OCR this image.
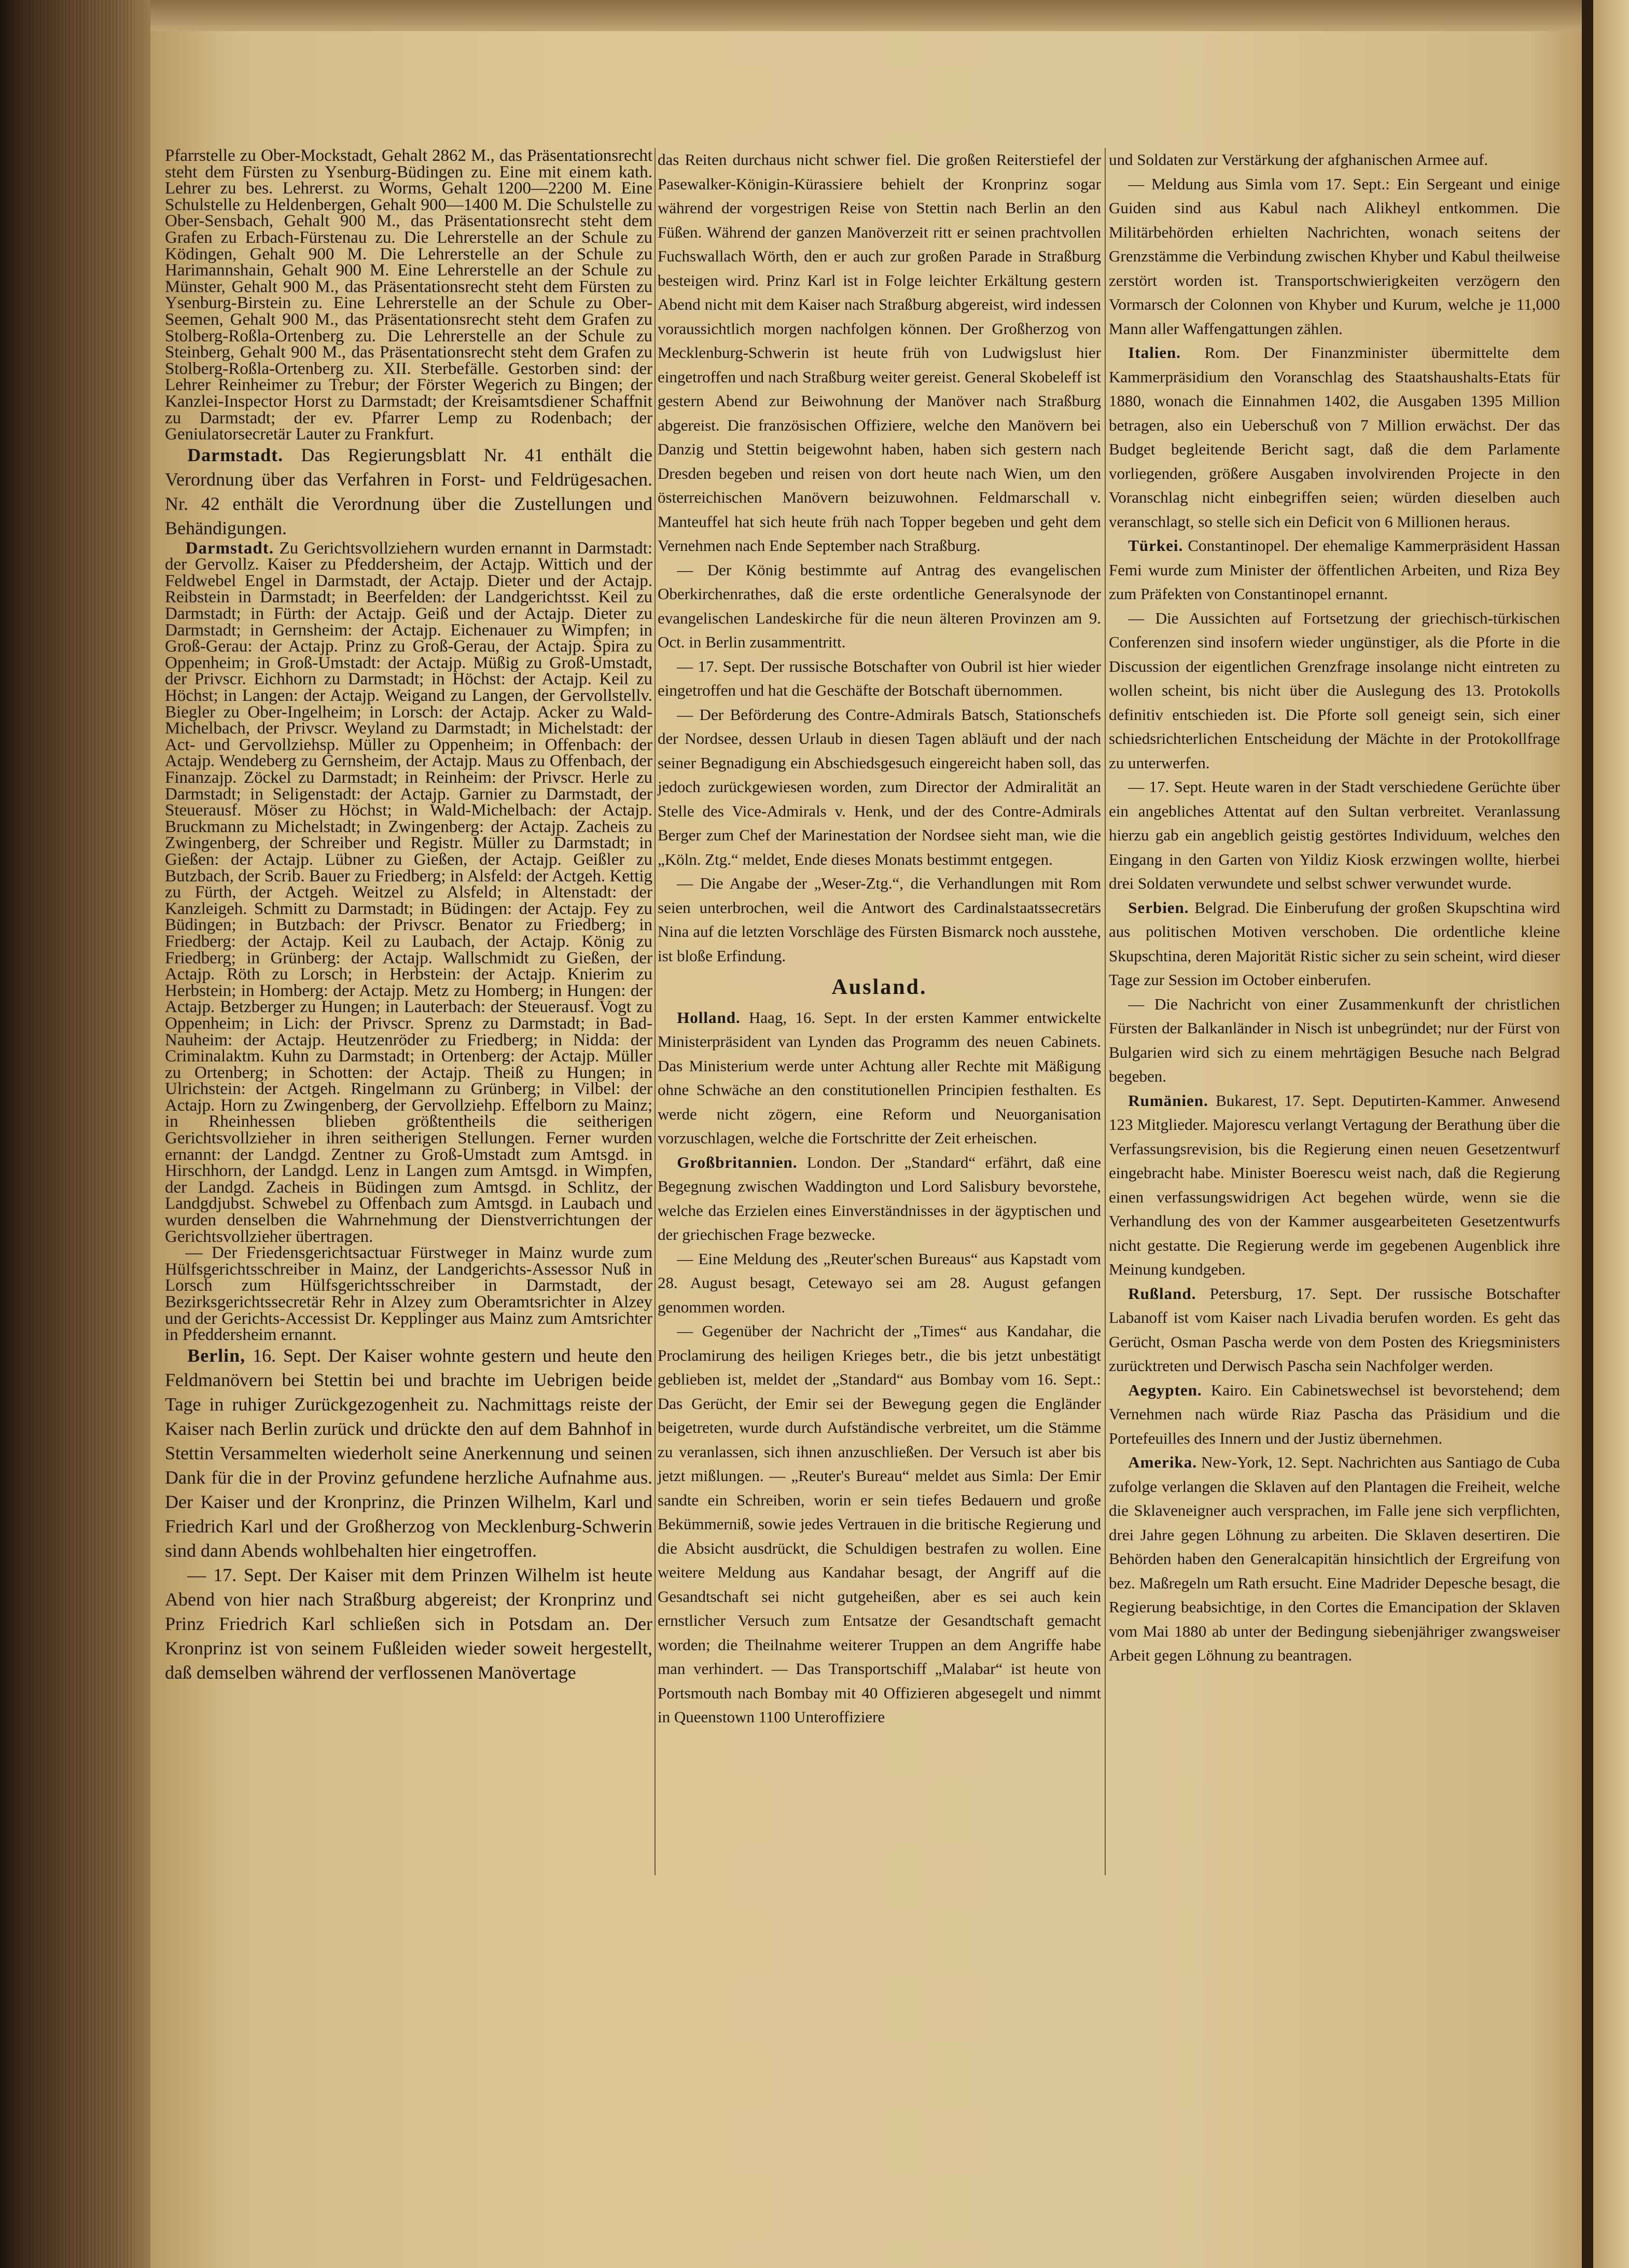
Pfarrstelle zu Ober-Mockstadt, Gehalt 2862 M., das Präsentationsrecht steht dem Fürsten zu Ysenburg-Büdingen zu. Eine mit einem kath. Lehrer zu bes. Lehrerst. zu Worms, Gehalt 1200—2200 M. Eine Schulstelle zu Heldenbergen, Gehalt 900—1400 M. Die Schulstelle zu Ober-Sensbach, Gehalt 900 M., das Präsentationsrecht steht dem Grafen zu Erbach-Fürstenau zu. Die Lehrerstelle an der Schule zu Ködingen, Gehalt 900 M. Die Lehrerstelle an der Schule zu Harimannshain, Gehalt 900 M. Eine Lehrerstelle an der Schule zu Münster, Gehalt 900 M., das Präsentationsrecht steht dem Fürsten zu Ysenburg-Birstein zu. Eine Lehrerstelle an der Schule zu Ober-Seemen, Gehalt 900 M., das Präsentationsrecht steht dem Grafen zu Stolberg-Roßla-Ortenberg zu. Die Lehrerstelle an der Schule zu Steinberg, Gehalt 900 M., das Präsentationsrecht steht dem Grafen zu Stolberg-Roßla-Ortenberg zu. XII. Sterbefälle. Gestorben sind: der Lehrer Reinheimer zu Trebur; der Förster Wegerich zu Bingen; der Kanzlei-Inspector Horst zu Darmstadt; der Kreisamtsdiener Schaffnit zu Darmstadt; der ev. Pfarrer Lemp zu Rodenbach; der Geniulatorsecretär Lauter zu Frankfurt.

Darmstadt. Das Regierungsblatt Nr. 41 enthält die Verordnung über das Verfahren in Forst- und Feldrügesachen. Nr. 42 enthält die Verordnung über die Zustellungen und Behändigungen.

Darmstadt. Zu Gerichtsvollziehern wurden ernannt in Darmstadt: der Gervollz. Kaiser zu Pfeddersheim, der Actajp. Wittich und der Feldwebel Engel in Darmstadt, der Actajp. Dieter und der Actajp. Reibstein in Darmstadt; in Beerfelden: der Landgerichtsst. Keil zu Darmstadt; in Fürth: der Actajp. Geiß und der Actajp. Dieter zu Darmstadt; in Gernsheim: der Actajp. Eichenauer zu Wimpfen; in Groß-Gerau: der Actajp. Prinz zu Groß-Gerau, der Actajp. Spira zu Oppenheim; in Groß-Umstadt: der Actajp. Müßig zu Groß-Umstadt, der Privscr. Eichhorn zu Darmstadt; in Höchst: der Actajp. Keil zu Höchst; in Langen: der Actajp. Weigand zu Langen, der Gervollstellv. Biegler zu Ober-Ingelheim; in Lorsch: der Actajp. Acker zu Wald-Michelbach, der Privscr. Weyland zu Darmstadt; in Michelstadt: der Act- und Gervollziehsp. Müller zu Oppenheim; in Offenbach: der Actajp. Wendeberg zu Gernsheim, der Actajp. Maus zu Offenbach, der Finanzajp. Zöckel zu Darmstadt; in Reinheim: der Privscr. Herle zu Darmstadt; in Seligenstadt: der Actajp. Garnier zu Darmstadt, der Steuerausf. Möser zu Höchst; in Wald-Michelbach: der Actajp. Bruckmann zu Michelstadt; in Zwingenberg: der Actajp. Zacheis zu Zwingenberg, der Schreiber und Registr. Müller zu Darmstadt; in Gießen: der Actajp. Lübner zu Gießen, der Actajp. Geißler zu Butzbach, der Scrib. Bauer zu Friedberg; in Alsfeld: der Actgeh. Kettig zu Fürth, der Actgeh. Weitzel zu Alsfeld; in Altenstadt: der Kanzleigeh. Schmitt zu Darmstadt; in Büdingen: der Actajp. Fey zu Büdingen; in Butzbach: der Privscr. Benator zu Friedberg; in Friedberg: der Actajp. Keil zu Laubach, der Actajp. König zu Friedberg; in Grünberg: der Actajp. Wallschmidt zu Gießen, der Actajp. Röth zu Lorsch; in Herbstein: der Actajp. Knierim zu Herbstein; in Homberg: der Actajp. Metz zu Homberg; in Hungen: der Actajp. Betzberger zu Hungen; in Lauterbach: der Steuerausf. Vogt zu Oppenheim; in Lich: der Privscr. Sprenz zu Darmstadt; in Bad-Nauheim: der Actajp. Heutzenröder zu Friedberg; in Nidda: der Criminalaktm. Kuhn zu Darmstadt; in Ortenberg: der Actajp. Müller zu Ortenberg; in Schotten: der Actajp. Theiß zu Hungen; in Ulrichstein: der Actgeh. Ringelmann zu Grünberg; in Vilbel: der Actajp. Horn zu Zwingenberg, der Gervollziehp. Effelborn zu Mainz; in Rheinhessen blieben größtentheils die seitherigen Gerichtsvollzieher in ihren seitherigen Stellungen. Ferner wurden ernannt: der Landgd. Zentner zu Groß-Umstadt zum Amtsgd. in Hirschhorn, der Landgd. Lenz in Langen zum Amtsgd. in Wimpfen, der Landgd. Zacheis in Büdingen zum Amtsgd. in Schlitz, der Landgdjubst. Schwebel zu Offenbach zum Amtsgd. in Laubach und wurden denselben die Wahrnehmung der Dienstverrichtungen der Gerichtsvollzieher übertragen.

— Der Friedensgerichtsactuar Fürstweger in Mainz wurde zum Hülfsgerichtsschreiber in Mainz, der Landgerichts-Assessor Nuß in Lorsch zum Hülfsgerichtsschreiber in Darmstadt, der Bezirksgerichtssecretär Rehr in Alzey zum Oberamtsrichter in Alzey und der Gerichts-Accessist Dr. Kepplinger aus Mainz zum Amtsrichter in Pfeddersheim ernannt.

Berlin, 16. Sept. Der Kaiser wohnte gestern und heute den Feldmanövern bei Stettin bei und brachte im Uebrigen beide Tage in ruhiger Zurückgezogenheit zu. Nachmittags reiste der Kaiser nach Berlin zurück und drückte den auf dem Bahnhof in Stettin Versammelten wiederholt seine Anerkennung und seinen Dank für die in der Provinz gefundene herzliche Aufnahme aus. Der Kaiser und der Kronprinz, die Prinzen Wilhelm, Karl und Friedrich Karl und der Großherzog von Mecklenburg-Schwerin sind dann Abends wohlbehalten hier eingetroffen.

— 17. Sept. Der Kaiser mit dem Prinzen Wilhelm ist heute Abend von hier nach Straßburg abgereist; der Kronprinz und Prinz Friedrich Karl schließen sich in Potsdam an. Der Kronprinz ist von seinem Fußleiden wieder soweit hergestellt, daß demselben während der verflossenen Manövertage

das Reiten durchaus nicht schwer fiel. Die großen Reiterstiefel der Pasewalker-Königin-Kürassiere behielt der Kronprinz sogar während der vorgestrigen Reise von Stettin nach Berlin an den Füßen. Während der ganzen Manöverzeit ritt er seinen prachtvollen Fuchswallach Wörth, den er auch zur großen Parade in Straßburg besteigen wird. Prinz Karl ist in Folge leichter Erkältung gestern Abend nicht mit dem Kaiser nach Straßburg abgereist, wird indessen voraussichtlich morgen nachfolgen können. Der Großherzog von Mecklenburg-Schwerin ist heute früh von Ludwigslust hier eingetroffen und nach Straßburg weiter gereist. General Skobeleff ist gestern Abend zur Beiwohnung der Manöver nach Straßburg abgereist. Die französischen Offiziere, welche den Manövern bei Danzig und Stettin beigewohnt haben, haben sich gestern nach Dresden begeben und reisen von dort heute nach Wien, um den österreichischen Manövern beizuwohnen. Feldmarschall v. Manteuffel hat sich heute früh nach Topper begeben und geht dem Vernehmen nach Ende September nach Straßburg.

— Der König bestimmte auf Antrag des evangelischen Oberkirchenrathes, daß die erste ordentliche Generalsynode der evangelischen Landeskirche für die neun älteren Provinzen am 9. Oct. in Berlin zusammentritt.

— 17. Sept. Der russische Botschafter von Oubril ist hier wieder eingetroffen und hat die Geschäfte der Botschaft übernommen.

— Der Beförderung des Contre-Admirals Batsch, Stationschefs der Nordsee, dessen Urlaub in diesen Tagen abläuft und der nach seiner Begnadigung ein Abschiedsgesuch eingereicht haben soll, das jedoch zurückgewiesen worden, zum Director der Admiralität an Stelle des Vice-Admirals v. Henk, und der des Contre-Admirals Berger zum Chef der Marinestation der Nordsee sieht man, wie die „Köln. Ztg.“ meldet, Ende dieses Monats bestimmt entgegen.

— Die Angabe der „Weser-Ztg.“, die Verhandlungen mit Rom seien unterbrochen, weil die Antwort des Cardinalstaatssecretärs Nina auf die letzten Vorschläge des Fürsten Bismarck noch ausstehe, ist bloße Erfindung.

Ausland.

Holland. Haag, 16. Sept. In der ersten Kammer entwickelte Ministerpräsident van Lynden das Programm des neuen Cabinets. Das Ministerium werde unter Achtung aller Rechte mit Mäßigung ohne Schwäche an den constitutionellen Principien festhalten. Es werde nicht zögern, eine Reform und Neuorganisation vorzuschlagen, welche die Fortschritte der Zeit erheischen.

Großbritannien. London. Der „Standard“ erfährt, daß eine Begegnung zwischen Waddington und Lord Salisbury bevorstehe, welche das Erzielen eines Einverständnisses in der ägyptischen und der griechischen Frage bezwecke.

— Eine Meldung des „Reuter'schen Bureaus“ aus Kapstadt vom 28. August besagt, Cetewayo sei am 28. August gefangen genommen worden.

— Gegenüber der Nachricht der „Times“ aus Kandahar, die Proclamirung des heiligen Krieges betr., die bis jetzt unbestätigt geblieben ist, meldet der „Standard“ aus Bombay vom 16. Sept.: Das Gerücht, der Emir sei der Bewegung gegen die Engländer beigetreten, wurde durch Aufständische verbreitet, um die Stämme zu veranlassen, sich ihnen anzuschließen. Der Versuch ist aber bis jetzt mißlungen. — „Reuter's Bureau“ meldet aus Simla: Der Emir sandte ein Schreiben, worin er sein tiefes Bedauern und große Bekümmerniß, sowie jedes Vertrauen in die britische Regierung und die Absicht ausdrückt, die Schuldigen bestrafen zu wollen. Eine weitere Meldung aus Kandahar besagt, der Angriff auf die Gesandtschaft sei nicht gutgeheißen, aber es sei auch kein ernstlicher Versuch zum Entsatze der Gesandtschaft gemacht worden; die Theilnahme weiterer Truppen an dem Angriffe habe man verhindert. — Das Transportschiff „Malabar“ ist heute von Portsmouth nach Bombay mit 40 Offizieren abgesegelt und nimmt in Queenstown 1100 Unteroffiziere

und Soldaten zur Verstärkung der afghanischen Armee auf.

— Meldung aus Simla vom 17. Sept.: Ein Sergeant und einige Guiden sind aus Kabul nach Alikheyl entkommen. Die Militärbehörden erhielten Nachrichten, wonach seitens der Grenzstämme die Verbindung zwischen Khyber und Kabul theilweise zerstört worden ist. Transportschwierigkeiten verzögern den Vormarsch der Colonnen von Khyber und Kurum, welche je 11,000 Mann aller Waffengattungen zählen.

Italien. Rom. Der Finanzminister übermittelte dem Kammerpräsidium den Voranschlag des Staatshaushalts-Etats für 1880, wonach die Einnahmen 1402, die Ausgaben 1395 Million betragen, also ein Ueberschuß von 7 Million erwächst. Der das Budget begleitende Bericht sagt, daß die dem Parlamente vorliegenden, größere Ausgaben involvirenden Projecte in den Voranschlag nicht einbegriffen seien; würden dieselben auch veranschlagt, so stelle sich ein Deficit von 6 Millionen heraus.

Türkei. Constantinopel. Der ehemalige Kammerpräsident Hassan Femi wurde zum Minister der öffentlichen Arbeiten, und Riza Bey zum Präfekten von Constantinopel ernannt.

— Die Aussichten auf Fortsetzung der griechisch-türkischen Conferenzen sind insofern wieder ungünstiger, als die Pforte in die Discussion der eigentlichen Grenzfrage insolange nicht eintreten zu wollen scheint, bis nicht über die Auslegung des 13. Protokolls definitiv entschieden ist. Die Pforte soll geneigt sein, sich einer schiedsrichterlichen Entscheidung der Mächte in der Protokollfrage zu unterwerfen.

— 17. Sept. Heute waren in der Stadt verschiedene Gerüchte über ein angebliches Attentat auf den Sultan verbreitet. Veranlassung hierzu gab ein angeblich geistig gestörtes Individuum, welches den Eingang in den Garten von Yildiz Kiosk erzwingen wollte, hierbei drei Soldaten verwundete und selbst schwer verwundet wurde.

Serbien. Belgrad. Die Einberufung der großen Skupschtina wird aus politischen Motiven verschoben. Die ordentliche kleine Skupschtina, deren Majorität Ristic sicher zu sein scheint, wird dieser Tage zur Session im October einberufen.

— Die Nachricht von einer Zusammenkunft der christlichen Fürsten der Balkanländer in Nisch ist unbegründet; nur der Fürst von Bulgarien wird sich zu einem mehrtägigen Besuche nach Belgrad begeben.

Rumänien. Bukarest, 17. Sept. Deputirten-Kammer. Anwesend 123 Mitglieder. Majorescu verlangt Vertagung der Berathung über die Verfassungsrevision, bis die Regierung einen neuen Gesetzentwurf eingebracht habe. Minister Boerescu weist nach, daß die Regierung einen verfassungswidrigen Act begehen würde, wenn sie die Verhandlung des von der Kammer ausgearbeiteten Gesetzentwurfs nicht gestatte. Die Regierung werde im gegebenen Augenblick ihre Meinung kundgeben.

Rußland. Petersburg, 17. Sept. Der russische Botschafter Labanoff ist vom Kaiser nach Livadia berufen worden. Es geht das Gerücht, Osman Pascha werde von dem Posten des Kriegsministers zurücktreten und Derwisch Pascha sein Nachfolger werden.

Aegypten. Kairo. Ein Cabinetswechsel ist bevorstehend; dem Vernehmen nach würde Riaz Pascha das Präsidium und die Portefeuilles des Innern und der Justiz übernehmen.

Amerika. New-York, 12. Sept. Nachrichten aus Santiago de Cuba zufolge verlangen die Sklaven auf den Plantagen die Freiheit, welche die Sklaveneigner auch versprachen, im Falle jene sich verpflichten, drei Jahre gegen Löhnung zu arbeiten. Die Sklaven desertiren. Die Behörden haben den Generalcapitän hinsichtlich der Ergreifung von bez. Maßregeln um Rath ersucht. Eine Madrider Depesche besagt, die Regierung beabsichtige, in den Cortes die Emancipation der Sklaven vom Mai 1880 ab unter der Bedingung siebenjähriger zwangsweiser Arbeit gegen Löhnung zu beantragen.
